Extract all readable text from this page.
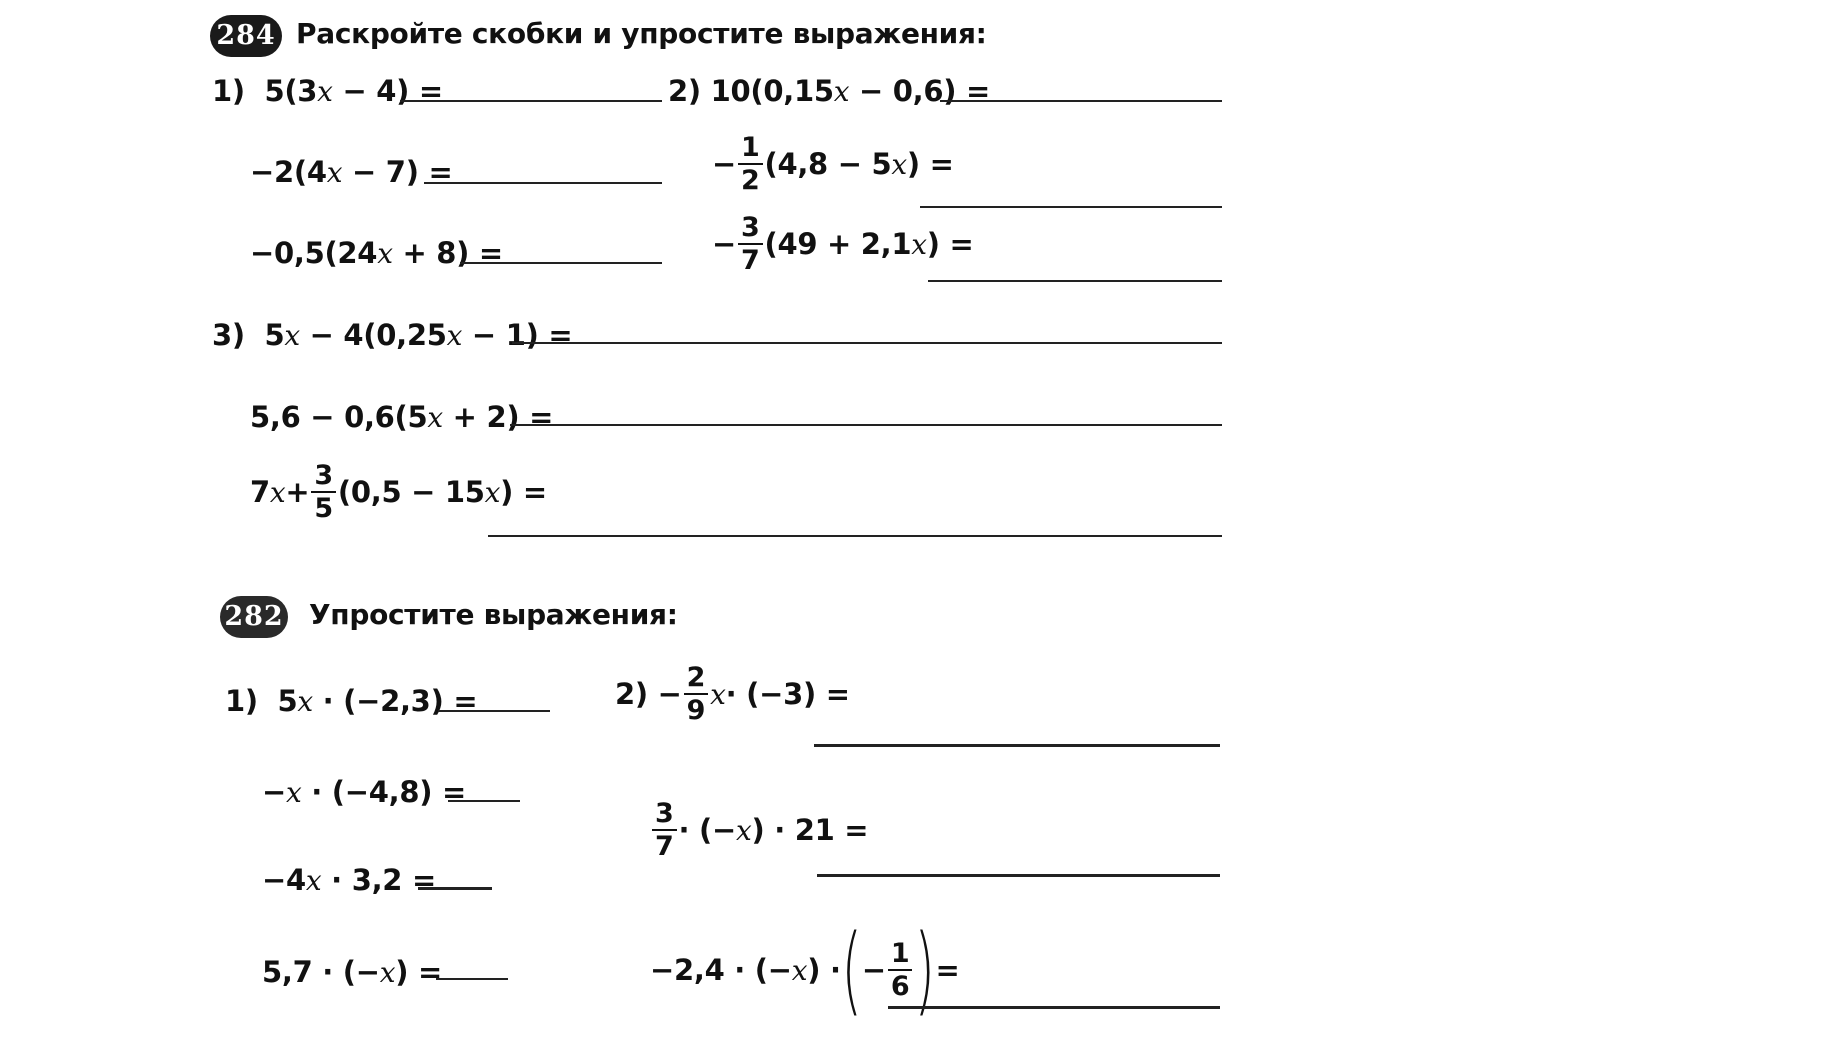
284 Раскройте скобки и упростите выражения:
1) 5(3x − 4) =
−2(4x − 7) =
−0,5(24x + 8) =
2) 10(0,15x − 0,6) =
− $\frac{1}{2} (4,8 - 5$ x ) =
− $\frac{3}{7} (49 + 2,1$ x ) =
3) 5x − 4(0,25x − 1) =
5,6 − 0,6(5x + 2) =
7 $x + \frac{3}{5} (0,5 - 15$ x ) =
282 Упростите выражения:
1) 5x · (−2,3) =
−x · (−4,8) =
−4x · 3,2 =
5,7 · (−x) =
2)
− $\frac{2}{9}$ x · (−3) =
$\frac{3}{7}$ · (− x ) · 21 =
−2,4 · (− x ) · ( − $\frac{1}{6}$ ) =
